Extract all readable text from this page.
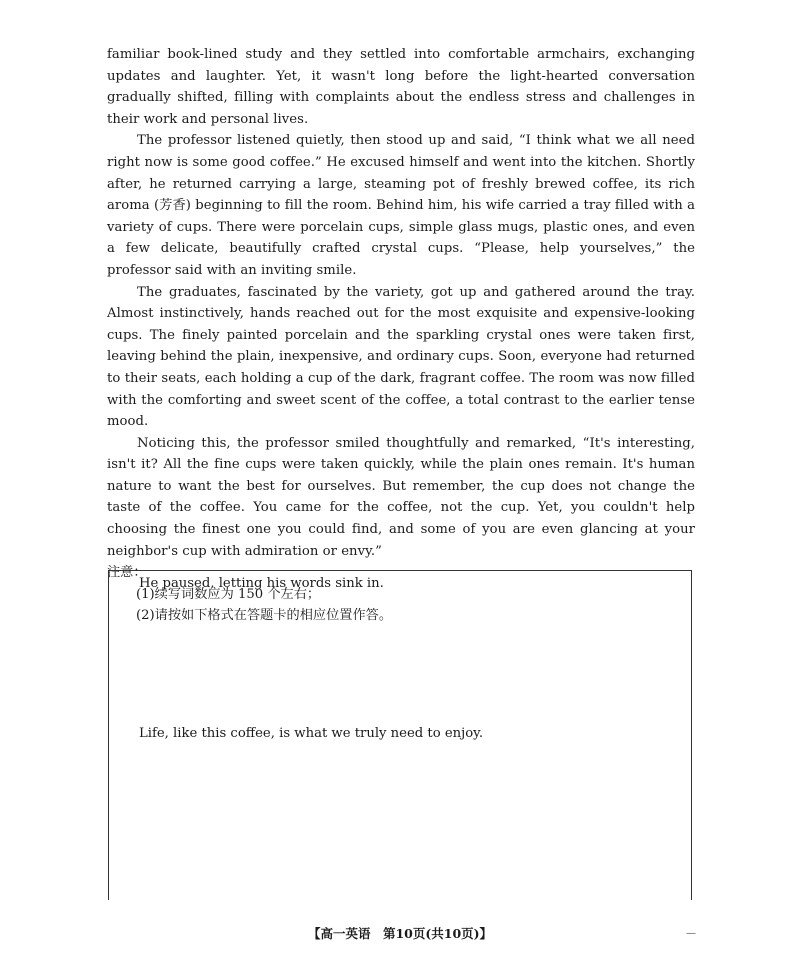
familiar book-lined study and they settled into comfortable armchairs, exchanging updates and laughter. Yet, it wasn't long before the light-hearted conversation gradually shifted, filling with complaints about the endless stress and challenges in their work and personal lives.

The professor listened quietly, then stood up and said, “I think what we all need right now is some good coffee.” He excused himself and went into the kitchen. Shortly after, he returned carrying a large, steaming pot of freshly brewed coffee, its rich aroma (芳香) beginning to fill the room. Behind him, his wife carried a tray filled with a variety of cups. There were porcelain cups, simple glass mugs, plastic ones, and even a few delicate, beautifully crafted crystal cups. “Please, help yourselves,” the professor said with an inviting smile.

The graduates, fascinated by the variety, got up and gathered around the tray. Almost instinctively, hands reached out for the most exquisite and expensive-looking cups. The finely painted porcelain and the sparkling crystal ones were taken first, leaving behind the plain, inexpensive, and ordinary cups. Soon, everyone had returned to their seats, each holding a cup of the dark, fragrant coffee. The room was now filled with the comforting and sweet scent of the coffee, a total contrast to the earlier tense mood.

Noticing this, the professor smiled thoughtfully and remarked, “It's interesting, isn't it? All the fine cups were taken quickly, while the plain ones remain. It's human nature to want the best for ourselves. But remember, the cup does not change the taste of the coffee. You came for the coffee, not the cup. Yet, you couldn't help choosing the finest one you could find, and some of you are even glancing at your neighbor's cup with admiration or envy.”

注意：

(1)续写词数应为 150 个左右；

(2)请按如下格式在答题卡的相应位置作答。

He paused, letting his words sink in.

Life, like this coffee, is what we truly need to enjoy.

【高一英语　第10页(共10页)】	—
